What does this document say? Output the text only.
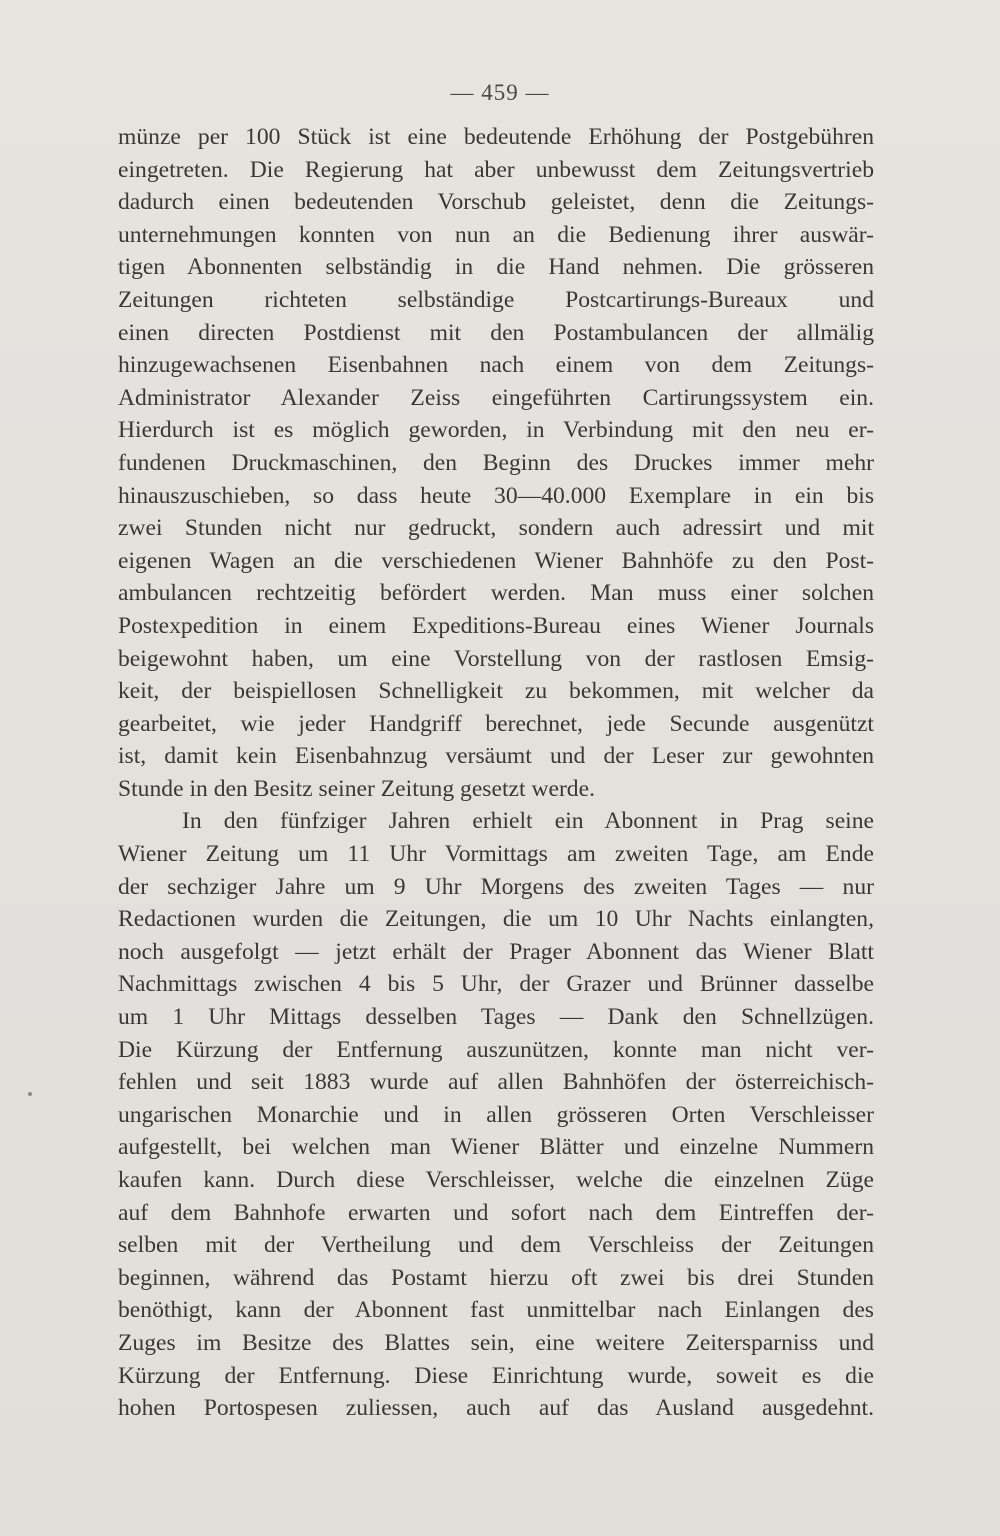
— 459 —
münze per 100 Stück ist eine bedeutende Erhöhung der Postgebühren
eingetreten. Die Regierung hat aber unbewusst dem Zeitungsvertrieb
dadurch einen bedeutenden Vorschub geleistet, denn die Zeitungs-
unternehmungen konnten von nun an die Bedienung ihrer auswär-
tigen Abonnenten selbständig in die Hand nehmen. Die grösseren
Zeitungen richteten selbständige Postcartirungs-Bureaux und
einen directen Postdienst mit den Postambulancen der allmälig
hinzugewachsenen Eisenbahnen nach einem von dem Zeitungs-
Administrator Alexander Zeiss eingeführten Cartirungssystem ein.
Hierdurch ist es möglich geworden, in Verbindung mit den neu er-
fundenen Druckmaschinen, den Beginn des Druckes immer mehr
hinauszuschieben, so dass heute 30—40.000 Exemplare in ein bis
zwei Stunden nicht nur gedruckt, sondern auch adressirt und mit
eigenen Wagen an die verschiedenen Wiener Bahnhöfe zu den Post-
ambulancen rechtzeitig befördert werden. Man muss einer solchen
Postexpedition in einem Expeditions-Bureau eines Wiener Journals
beigewohnt haben, um eine Vorstellung von der rastlosen Emsig-
keit, der beispiellosen Schnelligkeit zu bekommen, mit welcher da
gearbeitet, wie jeder Handgriff berechnet, jede Secunde ausgenützt
ist, damit kein Eisenbahnzug versäumt und der Leser zur gewohnten
Stunde in den Besitz seiner Zeitung gesetzt werde.
In den fünfziger Jahren erhielt ein Abonnent in Prag seine
Wiener Zeitung um 11 Uhr Vormittags am zweiten Tage, am Ende
der sechziger Jahre um 9 Uhr Morgens des zweiten Tages — nur
Redactionen wurden die Zeitungen, die um 10 Uhr Nachts einlangten,
noch ausgefolgt — jetzt erhält der Prager Abonnent das Wiener Blatt
Nachmittags zwischen 4 bis 5 Uhr, der Grazer und Brünner dasselbe
um 1 Uhr Mittags desselben Tages — Dank den Schnellzügen.
Die Kürzung der Entfernung auszunützen, konnte man nicht ver-
fehlen und seit 1883 wurde auf allen Bahnhöfen der österreichisch-
ungarischen Monarchie und in allen grösseren Orten Verschleisser
aufgestellt, bei welchen man Wiener Blätter und einzelne Nummern
kaufen kann. Durch diese Verschleisser, welche die einzelnen Züge
auf dem Bahnhofe erwarten und sofort nach dem Eintreffen der-
selben mit der Vertheilung und dem Verschleiss der Zeitungen
beginnen, während das Postamt hierzu oft zwei bis drei Stunden
benöthigt, kann der Abonnent fast unmittelbar nach Einlangen des
Zuges im Besitze des Blattes sein, eine weitere Zeitersparniss und
Kürzung der Entfernung. Diese Einrichtung wurde, soweit es die
hohen Portospesen zuliessen, auch auf das Ausland ausgedehnt.
